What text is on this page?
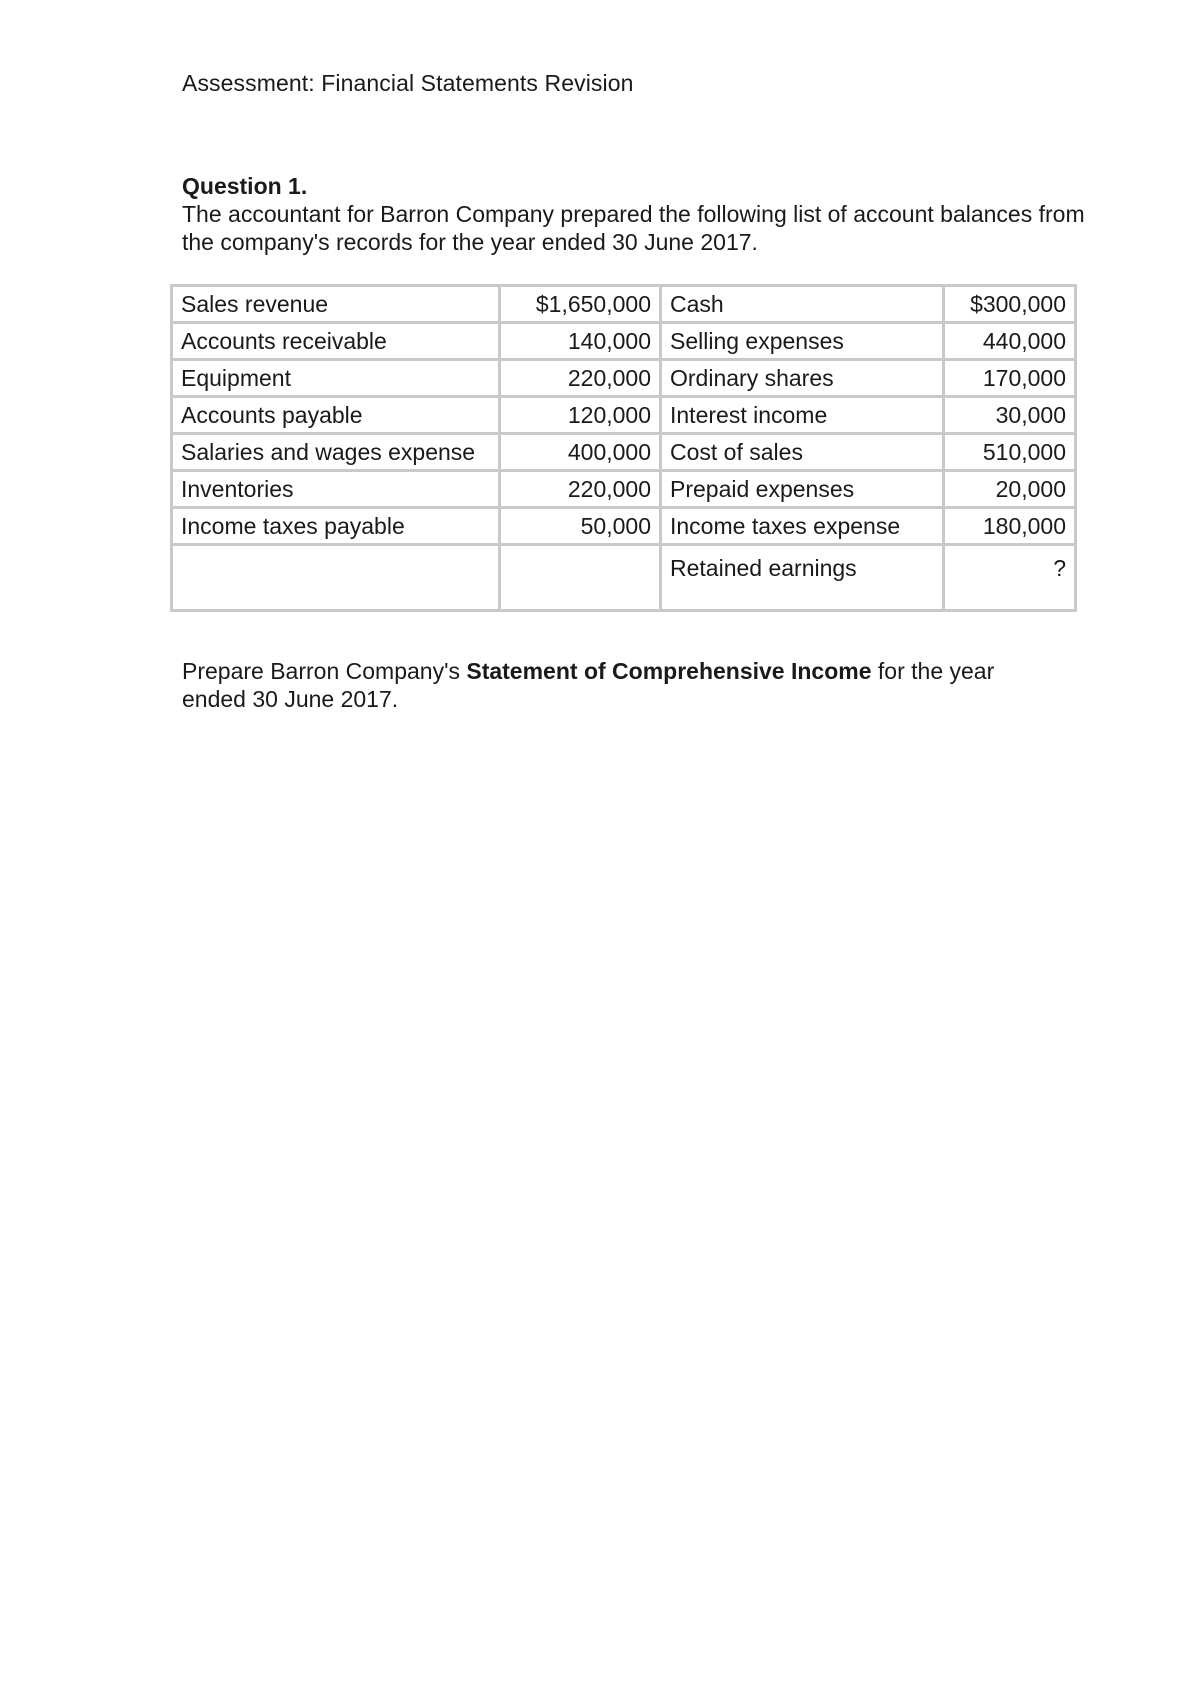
Assessment: Financial Statements Revision
Question 1.
The accountant for Barron Company prepared the following list of account balances from the company's records for the year ended 30 June 2017.
Sales revenue	$1,650,000	Cash	$300,000
Accounts receivable	140,000	Selling expenses	440,000
Equipment	220,000	Ordinary shares	170,000
Accounts payable	120,000	Interest income	30,000
Salaries and wages expense	400,000	Cost of sales	510,000
Inventories	220,000	Prepaid expenses	20,000
Income taxes payable	50,000	Income taxes expense	180,000
		Retained earnings	?
Prepare Barron Company's Statement of Comprehensive Income for the year ended 30 June 2017.
